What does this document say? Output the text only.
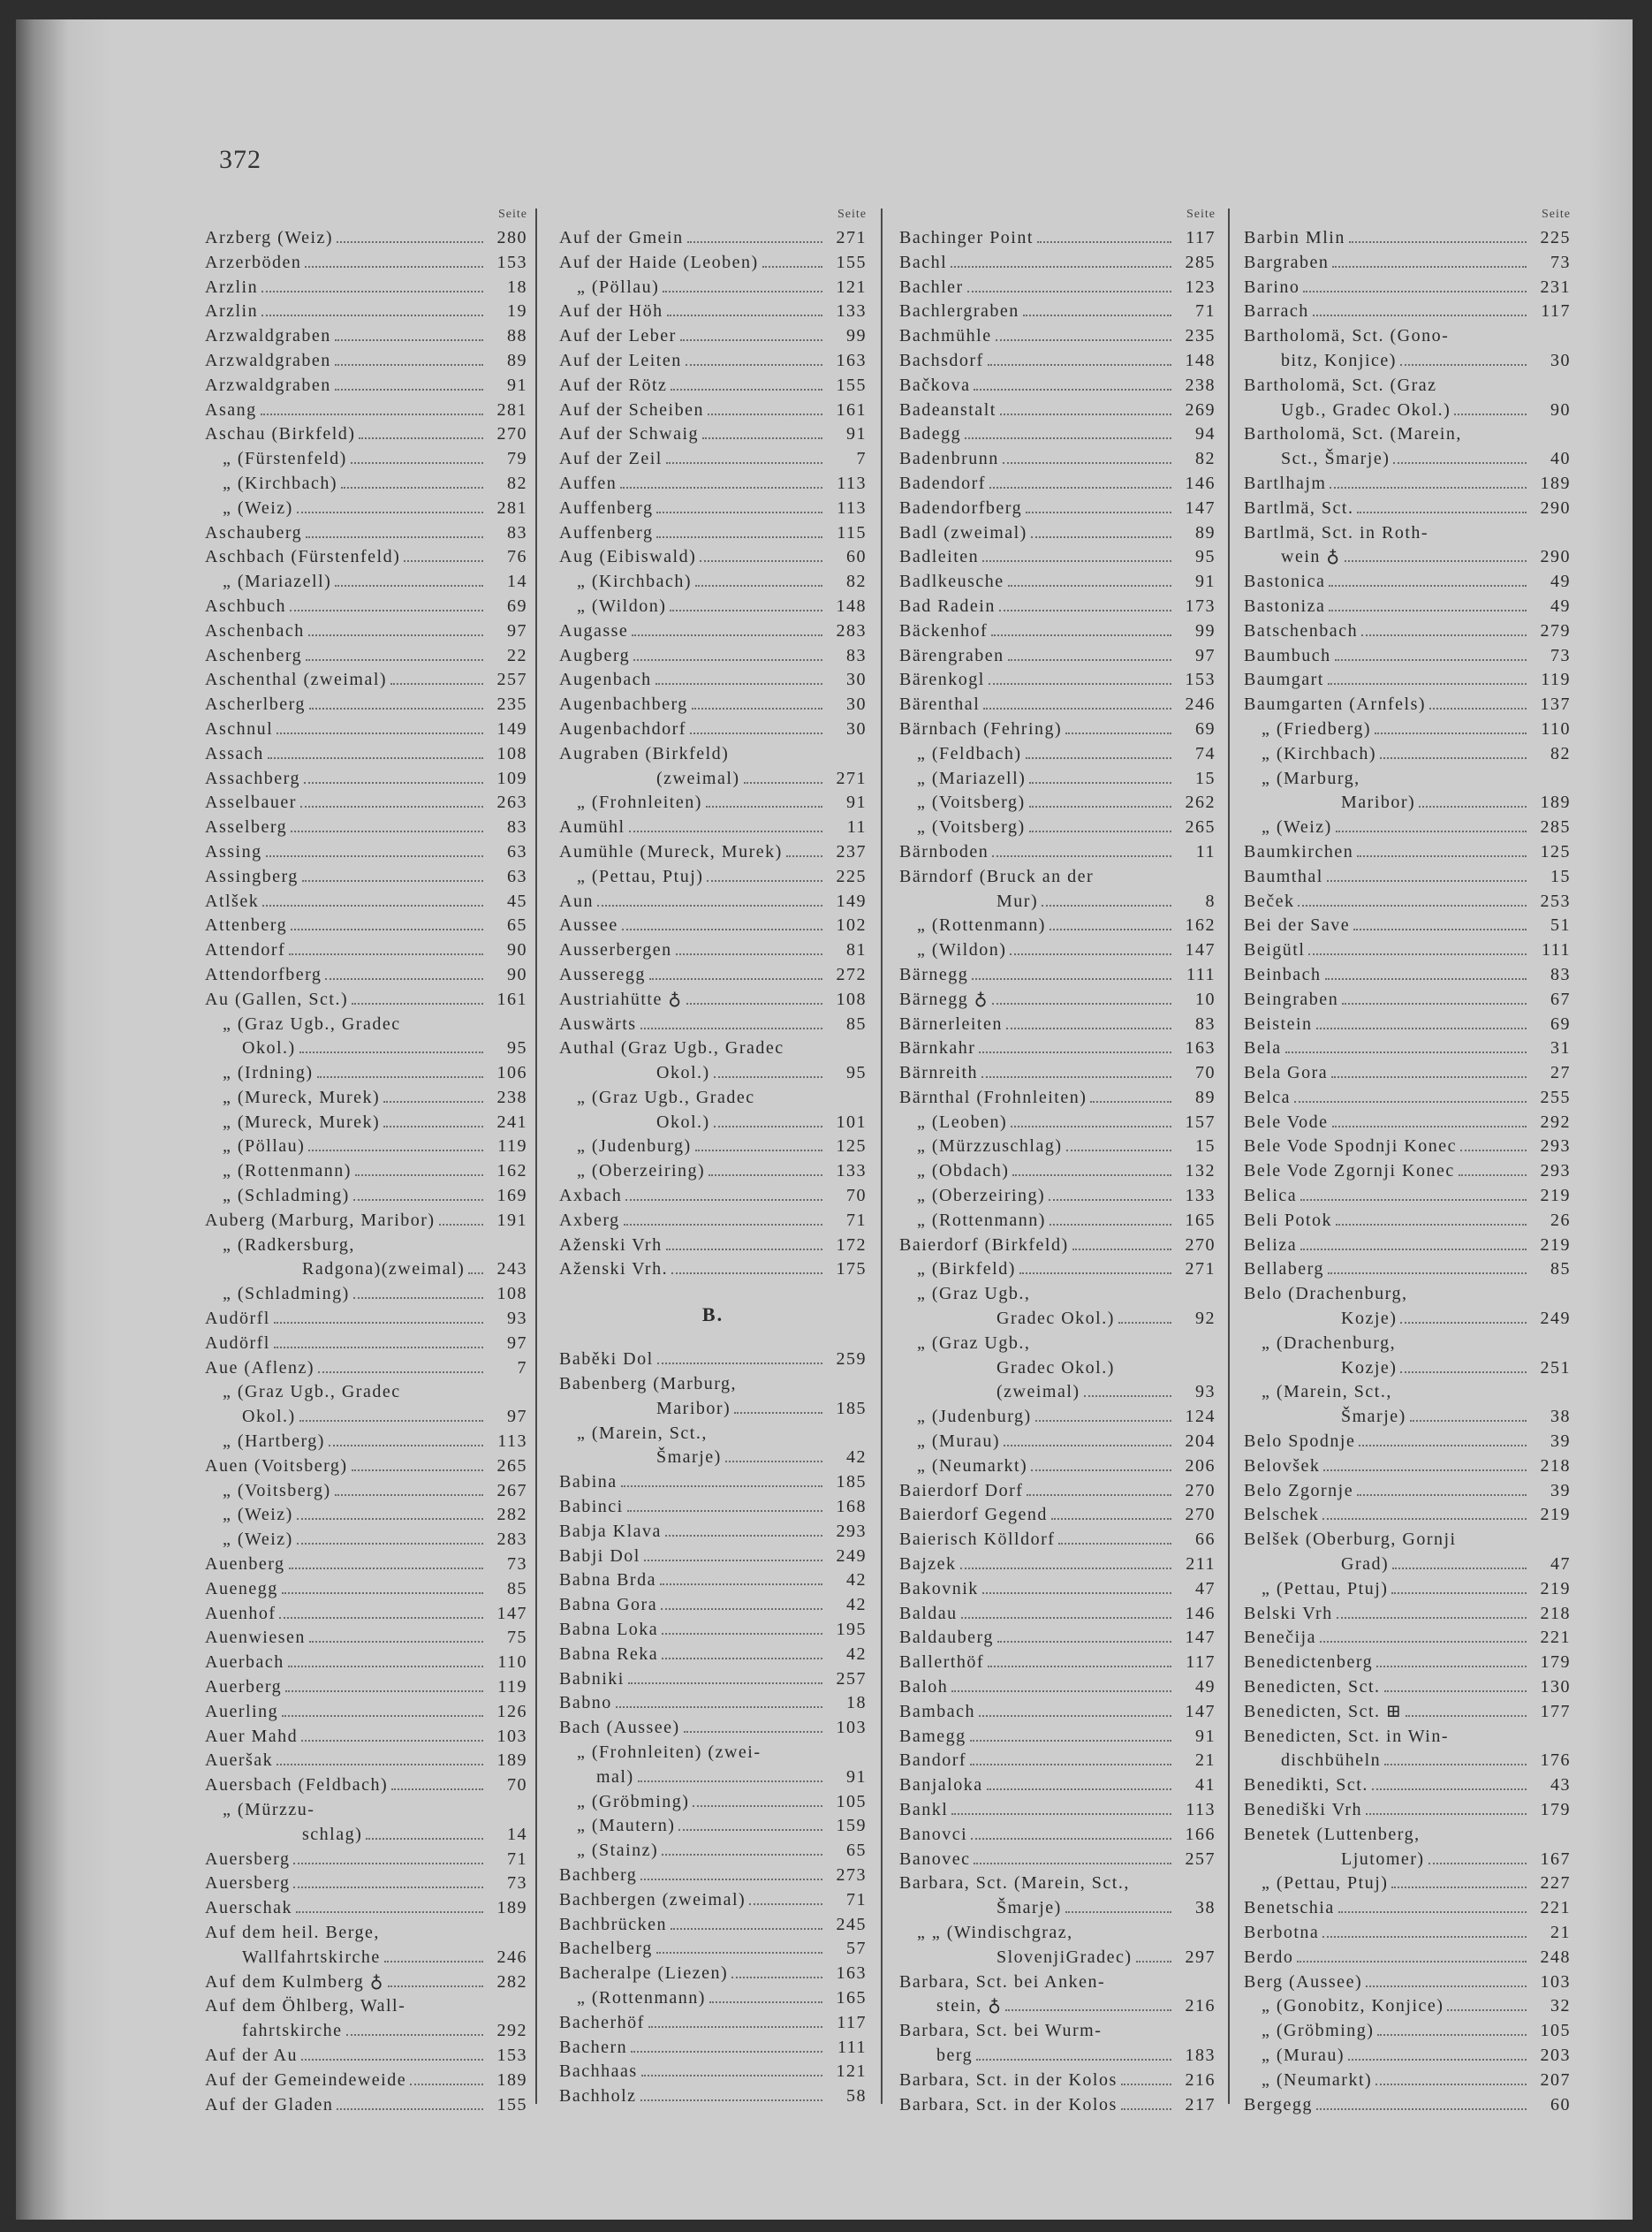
372
Seite
Arzberg (Weiz)	280
Arzerböden	153
Arzlin	18
Arzlin	19
Arzwaldgraben	88
Arzwaldgraben	89
Arzwaldgraben	91
Asang	281
Aschau (Birkfeld)	270
„ (Fürstenfeld)	79
„ (Kirchbach)	82
„ (Weiz)	281
Aschauberg	83
Aschbach (Fürstenfeld)	76
„ (Mariazell)	14
Aschbuch	69
Aschenbach	97
Aschenberg	22
Aschenthal (zweimal)	257
Ascherlberg	235
Aschnul	149
Assach	108
Assachberg	109
Asselbauer	263
Asselberg	83
Assing	63
Assingberg	63
Atlšek	45
Attenberg	65
Attendorf	90
Attendorfberg	90
Au (Gallen, Sct.)	161
„ (Graz Ugb., Gradec
Okol.)	95
„ (Irdning)	106
„ (Mureck, Murek)	238
„ (Mureck, Murek)	241
„ (Pöllau)	119
„ (Rottenmann)	162
„ (Schladming)	169
Auberg (Marburg, Maribor)	191
„ (Radkersburg,
Radgona)(zweimal)	243
„ (Schladming)	108
Audörfl	93
Audörfl	97
Aue (Aflenz)	7
„ (Graz Ugb., Gradec
Okol.)	97
„ (Hartberg)	113
Auen (Voitsberg)	265
„ (Voitsberg)	267
„ (Weiz)	282
„ (Weiz)	283
Auenberg	73
Auenegg	85
Auenhof	147
Auenwiesen	75
Auerbach	110
Auerberg	119
Auerling	126
Auer Mahd	103
Aueršak	189
Auersbach (Feldbach)	70
„ (Mürzzu-
schlag)	14
Auersberg	71
Auersberg	73
Auerschak	189
Auf dem heil. Berge,
Wallfahrtskirche	246
Auf dem Kulmberg ♁	282
Auf dem Öhlberg, Wall-
fahrtskirche	292
Auf der Au	153
Auf der Gemeindeweide	189
Auf der Gladen	155
Seite
Auf der Gmein	271
Auf der Haide (Leoben)	155
„ (Pöllau)	121
Auf der Höh	133
Auf der Leber	99
Auf der Leiten	163
Auf der Rötz	155
Auf der Scheiben	161
Auf der Schwaig	91
Auf der Zeil	7
Auffen	113
Auffenberg	113
Auffenberg	115
Aug (Eibiswald)	60
„ (Kirchbach)	82
„ (Wildon)	148
Augasse	283
Augberg	83
Augenbach	30
Augenbachberg	30
Augenbachdorf	30
Augraben (Birkfeld)
(zweimal)	271
„ (Frohnleiten)	91
Aumühl	11
Aumühle (Mureck, Murek)	237
„ (Pettau, Ptuj)	225
Aun	149
Aussee	102
Ausserbergen	81
Ausseregg	272
Austriahütte ♁	108
Auswärts	85
Authal (Graz Ugb., Gradec
Okol.)	95
„ (Graz Ugb., Gradec
Okol.)	101
„ (Judenburg)	125
„ (Oberzeiring)	133
Axbach	70
Axberg	71
Aženski Vrh	172
Aženski Vrh.	175
B.
Baběki Dol	259
Babenberg (Marburg,
Maribor)	185
„ (Marein, Sct.,
Šmarje)	42
Babina	185
Babinci	168
Babja Klava	293
Babji Dol	249
Babna Brda	42
Babna Gora	42
Babna Loka	195
Babna Reka	42
Babniki	257
Babno	18
Bach (Aussee)	103
„ (Frohnleiten) (zwei-
mal)	91
„ (Gröbming)	105
„ (Mautern)	159
„ (Stainz)	65
Bachberg	273
Bachbergen (zweimal)	71
Bachbrücken	245
Bachelberg	57
Bacheralpe (Liezen)	163
„ (Rottenmann)	165
Bacherhöf	117
Bachern	111
Bachhaas	121
Bachholz	58
Seite
Bachinger Point	117
Bachl	285
Bachler	123
Bachlergraben	71
Bachmühle	235
Bachsdorf	148
Bačkova	238
Badeanstalt	269
Badegg	94
Badenbrunn	82
Badendorf	146
Badendorfberg	147
Badl (zweimal)	89
Badleiten	95
Badlkeusche	91
Bad Radein	173
Bäckenhof	99
Bärengraben	97
Bärenkogl	153
Bärenthal	246
Bärnbach (Fehring)	69
„ (Feldbach)	74
„ (Mariazell)	15
„ (Voitsberg)	262
„ (Voitsberg)	265
Bärnboden	11
Bärndorf (Bruck an der
Mur)	8
„ (Rottenmann)	162
„ (Wildon)	147
Bärnegg	111
Bärnegg ♁	10
Bärnerleiten	83
Bärnkahr	163
Bärnreith	70
Bärnthal (Frohnleiten)	89
„ (Leoben)	157
„ (Mürzzuschlag)	15
„ (Obdach)	132
„ (Oberzeiring)	133
„ (Rottenmann)	165
Baierdorf (Birkfeld)	270
„ (Birkfeld)	271
„ (Graz Ugb.,
Gradec Okol.)	92
„ (Graz Ugb.,
Gradec Okol.)
(zweimal)	93
„ (Judenburg)	124
„ (Murau)	204
„ (Neumarkt)	206
Baierdorf Dorf	270
Baierdorf Gegend	270
Baierisch Kölldorf	66
Bajzek	211
Bakovnik	47
Baldau	146
Baldauberg	147
Ballerthöf	117
Baloh	49
Bambach	147
Bamegg	91
Bandorf	21
Banjaloka	41
Bankl	113
Banovci	166
Banovec	257
Barbara, Sct. (Marein, Sct.,
Šmarje)	38
„ „ (Windischgraz,
SlovenjiGradec)	297
Barbara, Sct. bei Anken-
stein, ♁	216
Barbara, Sct. bei Wurm-
berg	183
Barbara, Sct. in der Kolos	216
Barbara, Sct. in der Kolos	217
Seite
Barbin Mlin	225
Bargraben	73
Barino	231
Barrach	117
Bartholomä, Sct. (Gono-
bitz, Konjice)	30
Bartholomä, Sct. (Graz
Ugb., Gradec Okol.)	90
Bartholomä, Sct. (Marein,
Sct., Šmarje)	40
Bartlhajm	189
Bartlmä, Sct.	290
Bartlmä, Sct. in Roth-
wein ♁	290
Bastonica	49
Bastoniza	49
Batschenbach	279
Baumbuch	73
Baumgart	119
Baumgarten (Arnfels)	137
„ (Friedberg)	110
„ (Kirchbach)	82
„ (Marburg,
Maribor)	189
„ (Weiz)	285
Baumkirchen	125
Baumthal	15
Beček	253
Bei der Save	51
Beigütl	111
Beinbach	83
Beingraben	67
Beistein	69
Bela	31
Bela Gora	27
Belca	255
Bele Vode	292
Bele Vode Spodnji Konec	293
Bele Vode Zgornji Konec	293
Belica	219
Beli Potok	26
Beliza	219
Bellaberg	85
Belo (Drachenburg,
Kozje)	249
„ (Drachenburg,
Kozje)	251
„ (Marein, Sct.,
Šmarje)	38
Belo Spodnje	39
Belovšek	218
Belo Zgornje	39
Belschek	219
Belšek (Oberburg, Gornji
Grad)	47
„ (Pettau, Ptuj)	219
Belski Vrh	218
Benečija	221
Benedictenberg	179
Benedicten, Sct.	130
Benedicten, Sct. ⊞	177
Benedicten, Sct. in Win-
dischbüheln	176
Benedikti, Sct.	43
Benediški Vrh	179
Benetek (Luttenberg,
Ljutomer)	167
„ (Pettau, Ptuj)	227
Benetschia	221
Berbotna	21
Berdo	248
Berg (Aussee)	103
„ (Gonobitz, Konjice)	32
„ (Gröbming)	105
„ (Murau)	203
„ (Neumarkt)	207
Bergegg	60
